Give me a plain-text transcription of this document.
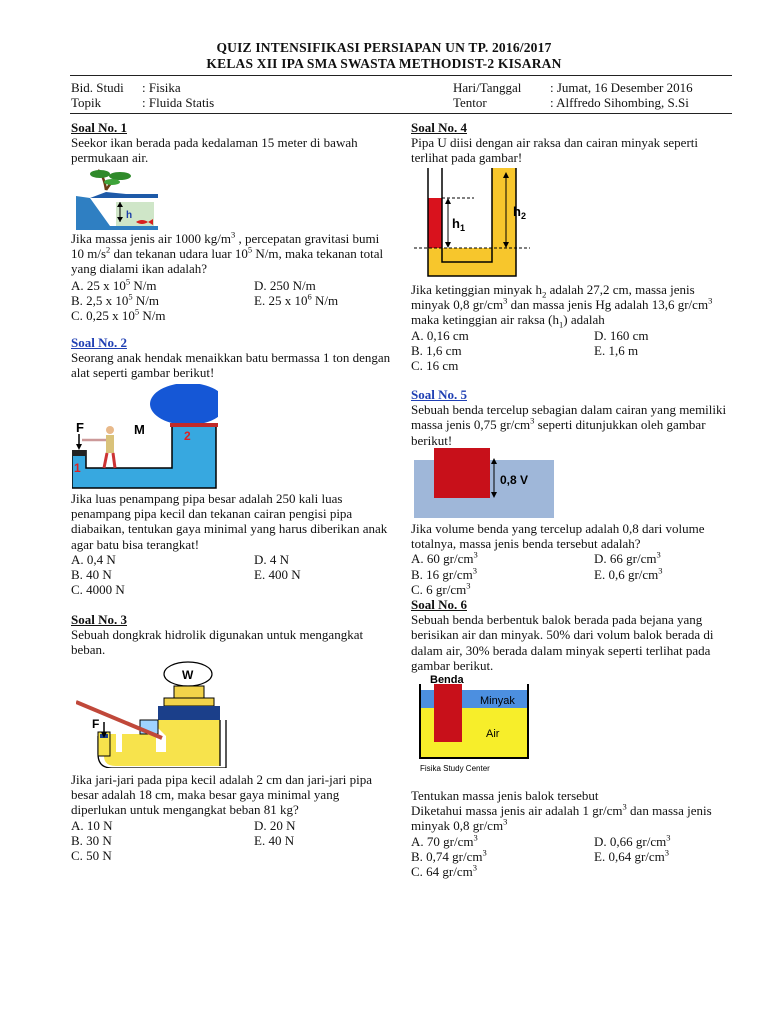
QUIZ INTENSIFIKASI PERSIAPAN UN TP. 2016/2017
KELAS XII IPA SMA SWASTA METHODIST-2 KISARAN
Bid. Studi : Fisika
Topik	: Fluida Statis
Hari/Tanggal : Jumat, 16 Desember 2016
Tentor	: Alffredo Sihombing, S.Si
Soal No. 1

Seekor ikan berada pada kedalaman 15 meter di bawah permukaan air.

h

Jika massa jenis air 1000 $kg/m^3$ , percepatan gravitasi bumi 10 $m/s^2$ dan tekanan udara luar $10^5$ N/m, maka tekanan total yang dialami ikan adalah?

A. 25 x $10^5$ N/m	D. 250 N/m
B. 2,5 x $10^5$ N/m	E. 25 x $10^6$ N/m
C. 0,25 x $10^5$ N/m
Soal No. 2

Seorang anak hendak menaikkan batu bermassa 1 ton dengan alat seperti gambar berikut!

F	M
1
2

Jika luas penampang pipa besar adalah 250 kali luas penampang pipa kecil dan tekanan cairan pengisi pipa diabaikan, tentukan gaya minimal yang harus diberikan anak agar batu bisa terangkat!

A. 0,4 N	D. 4 N
B. 40 N	E. 400 N
C. 4000 N
Soal No. 3

Sebuah dongkrak hidrolik digunakan untuk mengangkat beban.

W
F

Jika jari-jari pada pipa kecil adalah 2 cm dan jari-jari pipa besar adalah 18 cm, maka besar gaya minimal yang diperlukan untuk mengangkat beban 81 kg?

A. 10 N	D. 20 N
B. 30 N	E. 40 N
C. 50 N
Soal No. 4

Pipa U diisi dengan air raksa dan cairan minyak seperti terlihat pada gambar!

$h_1$
$h_2$

Jika ketinggian minyak $h_2$ adalah 27,2 cm, massa jenis minyak 0,8 $gr/cm^3$ dan massa jenis Hg adalah 13,6 $gr/cm^3$ maka ketinggian air raksa $(h_1)$ adalah

A. 0,16 cm	D. 160 cm
B. 1,6 cm	E. 1,6 m
C. 16 cm
Soal No. 5

Sebuah benda tercelup sebagian dalam cairan yang memiliki massa jenis 0,75 $gr/cm^3$ seperti ditunjukkan oleh gambar berikut!

0,8 V

Jika volume benda yang tercelup adalah 0,8 dari volume totalnya, massa jenis benda tersebut adalah?

A. 60 $gr/cm^3$	D. 66 $gr/cm^3$
B. 16 $gr/cm^3$	E. 0,6 $gr/cm^3$
C. 6 $gr/cm^3$
Soal No. 6

Sebuah benda berbentuk balok berada pada bejana yang berisikan air dan minyak. 50% dari volum balok berada di dalam air, 30% berada dalam minyak seperti terlihat pada gambar berikut.

Benda
Minyak
Air
Fisika Study Center

Tentukan massa jenis balok tersebut

Diketahui massa jenis air adalah 1 $gr/cm^3$ dan massa jenis minyak 0,8 $gr/cm^3$

A. 70 $gr/cm^3$	D. 0,66 $gr/cm^3$
B. 0,74 $gr/cm^3$	E. 0,64 $gr/cm^3$
C. 64 $gr/cm^3$
